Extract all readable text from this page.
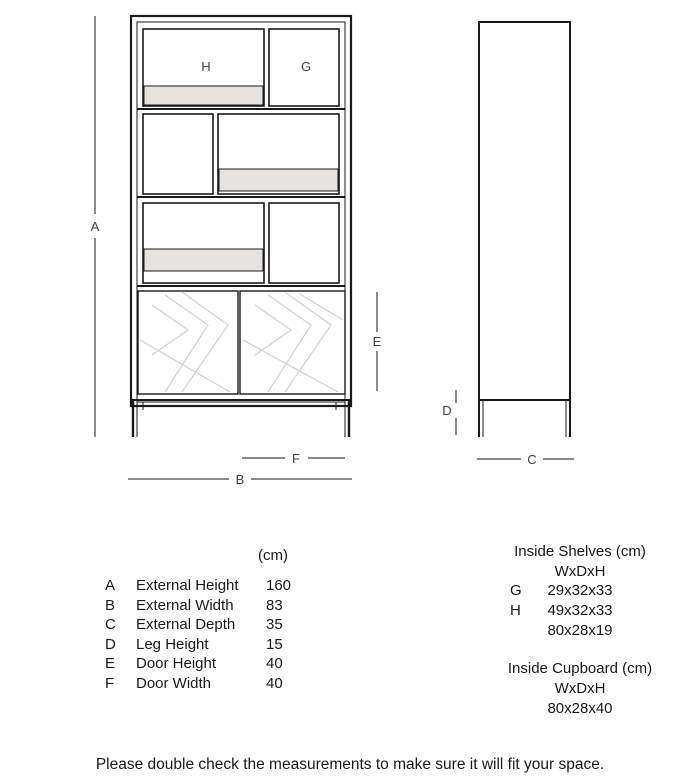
A
B
C
D
E
F
G
H
(cm)
A External Height 160
B External Width 83
C External Depth 35
D Leg Height	15
E Door Height	40
F Door Width	40
Inside Shelves (cm)
WxDxH
G	29x32x33
H	49x32x33
80x28x19
Inside Cupboard (cm)
WxDxH
80x28x40
Please double check the measurements to make sure it will fit your space.
